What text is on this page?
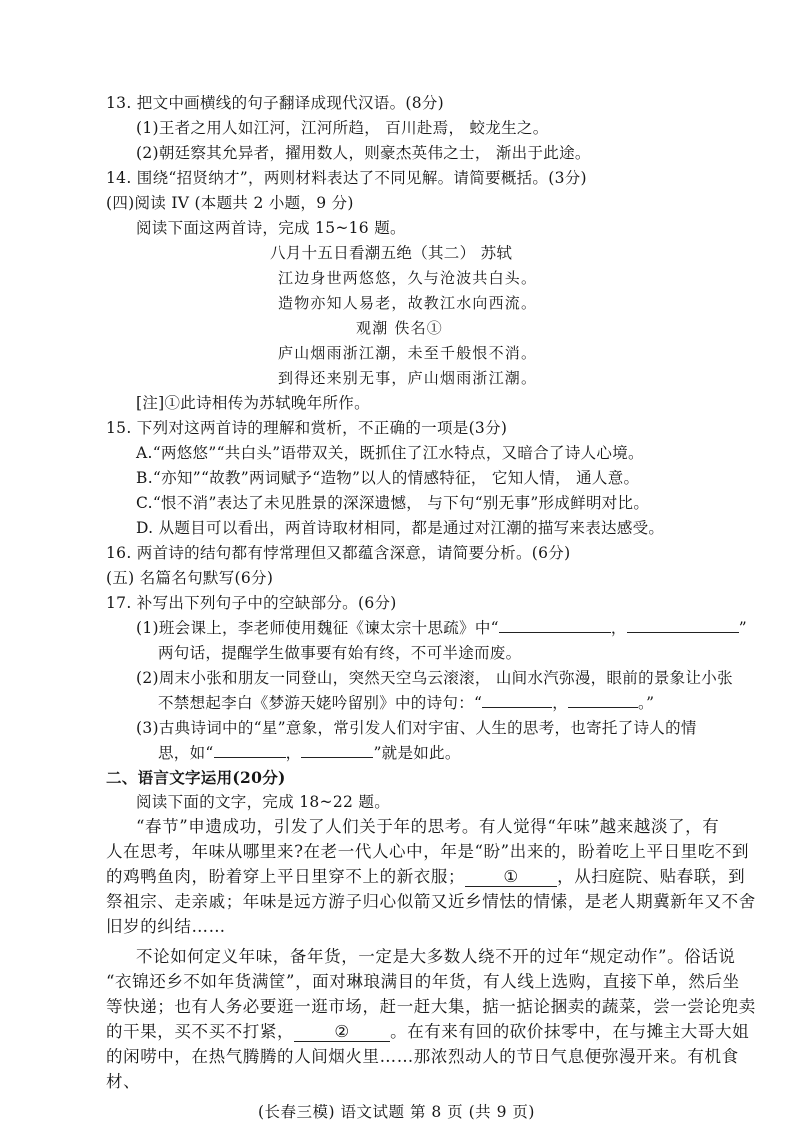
13. 把文中画横线的句子翻译成现代汉语。(8分)
(1)王者之用人如江河，江河所趋， 百川赴焉， 蛟龙生之。
(2)朝廷察其允异者，擢用数人，则豪杰英伟之士， 渐出于此途。
14. 围绕“招贤纳才”，两则材料表达了不同见解。请简要概括。(3分)
(四)阅读 IV (本题共 2 小题，9 分)
阅读下面这两首诗，完成 15~16 题。
八月十五日看潮五绝（其二） 苏轼
江边身世两悠悠，久与沧波共白头。
造物亦知人易老，故教江水向西流。
观潮 佚名①
庐山烟雨浙江潮，未至千般恨不消。
到得还来别无事，庐山烟雨浙江潮。
[注]①此诗相传为苏轼晚年所作。
15. 下列对这两首诗的理解和赏析，不正确的一项是(3分)
A.“两悠悠”“共白头”语带双关，既抓住了江水特点，又暗合了诗人心境。
B.“亦知”“故教”两词赋予“造物”以人的情感特征， 它知人情， 通人意。
C.“恨不消”表达了未见胜景的深深遗憾， 与下句“别无事”形成鲜明对比。
D. 从题目可以看出，两首诗取材相同，都是通过对江潮的描写来表达感受。
16. 两首诗的结句都有悖常理但又都蕴含深意，请简要分析。(6分)
(五) 名篇名句默写(6分)
17. 补写出下列句子中的空缺部分。(6分)
(1)班会课上，李老师使用魏征《谏太宗十思疏》中“	，	”
两句话，提醒学生做事要有始有终，不可半途而废。
(2)周末小张和朋友一同登山，突然天空乌云滚滚， 山间水汽弥漫，眼前的景象让小张
不禁想起李白《梦游天姥吟留别》中的诗句：“	，	。”
(3)古典诗词中的“星”意象，常引发人们对宇宙、人生的思考，也寄托了诗人的情
思，如“	，	”就是如此。
二、语言文字运用(20分)
阅读下面的文字，完成 18~22 题。
“春节”申遗成功，引发了人们关于年的思考。有人觉得“年味”越来越淡了，有
人在思考，年味从哪里来?在老一代人心中，年是“盼”出来的，盼着吃上平日里吃不到
的鸡鸭鱼肉，盼着穿上平日里穿不上的新衣服； ① ，从扫庭院、贴春联，到
祭祖宗、走亲戚；年味是远方游子归心似箭又近乡情怯的情愫，是老人期冀新年又不舍
旧岁的纠结……
不论如何定义年味，备年货，一定是大多数人绕不开的过年“规定动作”。俗话说
“衣锦还乡不如年货满筐”，面对琳琅满目的年货，有人线上选购，直接下单，然后坐
等快递；也有人务必要逛一逛市场，赶一赶大集，掂一掂论捆卖的蔬菜，尝一尝论兜卖
的干果，买不买不打紧， ② 。在有来有回的砍价抹零中，在与摊主大哥大姐
的闲唠中，在热气腾腾的人间烟火里……那浓烈动人的节日气息便弥漫开来。有机食
材、
(长春三模) 语文试题 第 8 页 (共 9 页)
